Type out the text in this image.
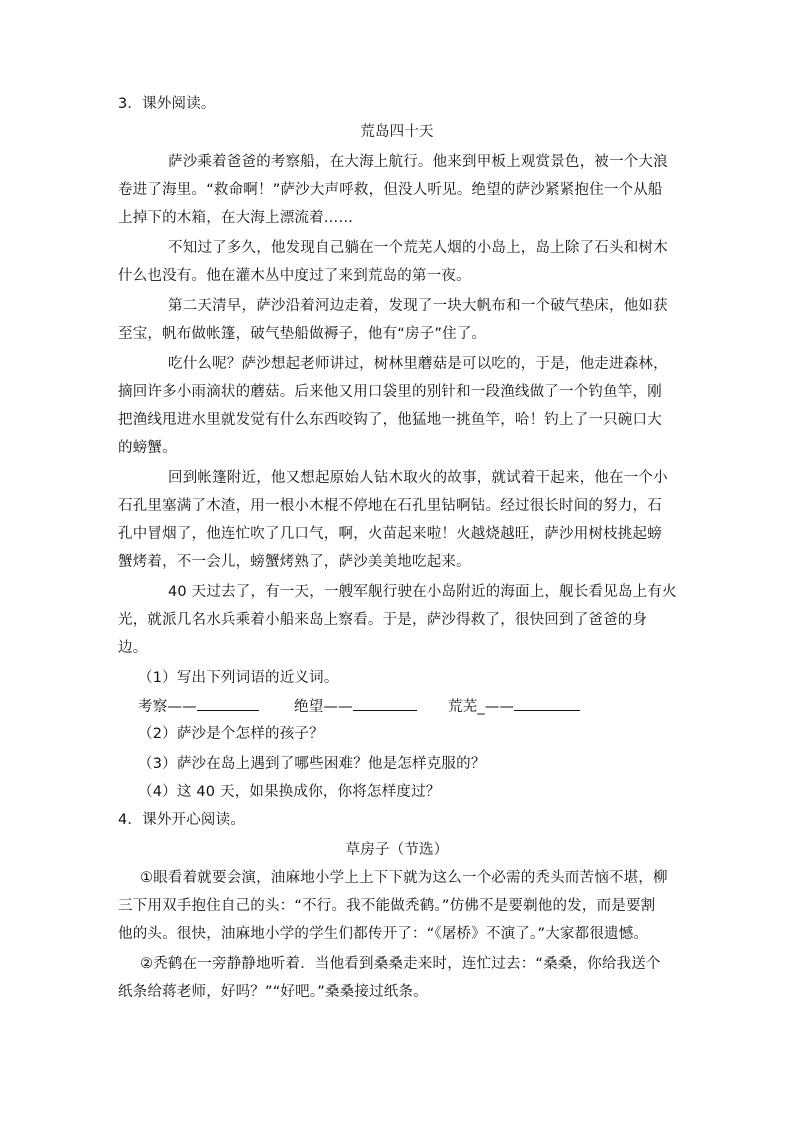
3．课外阅读。
荒岛四十天
萨沙乘着爸爸的考察船，在大海上航行。他来到甲板上观赏景色，被一个大浪
卷进了海里。“救命啊！”萨沙大声呼救，但没人听见。绝望的萨沙紧紧抱住一个从船
上掉下的木箱，在大海上漂流着……
不知过了多久，他发现自己躺在一个荒芜人烟的小岛上，岛上除了石头和树木
什么也没有。他在灌木丛中度过了来到荒岛的第一夜。
第二天清早，萨沙沿着河边走着，发现了一块大帆布和一个破气垫床，他如获
至宝，帆布做帐篷，破气垫船做褥子，他有“房子”住了。
吃什么呢？萨沙想起老师讲过，树林里蘑菇是可以吃的，于是，他走进森林，
摘回许多小雨滴状的蘑菇。后来他又用口袋里的别针和一段渔线做了一个钓鱼竿，刚
把渔线甩进水里就发觉有什么东西咬钩了，他猛地一挑鱼竿，哈！钓上了一只碗口大
的螃蟹。
回到帐篷附近，他又想起原始人钻木取火的故事，就试着干起来，他在一个小
石孔里塞满了木渣，用一根小木棍不停地在石孔里钻啊钻。经过很长时间的努力，石
孔中冒烟了，他连忙吹了几口气，啊，火苗起来啦！火越烧越旺，萨沙用树枝挑起螃
蟹烤着，不一会儿，螃蟹烤熟了，萨沙美美地吃起来。
40 天过去了，有一天，一艘军舰行驶在小岛附近的海面上，舰长看见岛上有火
光，就派几名水兵乘着小船来岛上察看。于是，萨沙得救了，很快回到了爸爸的身
边。
（1）写出下列词语的近义词。
考察——	绝望——	荒芜_——
（2）萨沙是个怎样的孩子？
（3）萨沙在岛上遇到了哪些困难？他是怎样克服的？
（4）这 40 天，如果换成你，你将怎样度过？
4．课外开心阅读。
草房子（节选）
①眼看着就要会演，油麻地小学上上下下就为这么一个必需的秃头而苦恼不堪，柳
三下用双手抱住自己的头：“不行。我不能做秃鹤。”仿佛不是要剃他的发，而是要割
他的头。很快，油麻地小学的学生们都传开了：“《屠桥》不演了。”大家都很遗憾。
②秃鹤在一旁静静地听着．当他看到桑桑走来时，连忙过去：“桑桑，你给我送个
纸条给蒋老师，好吗？”“好吧。”桑桑接过纸条。
